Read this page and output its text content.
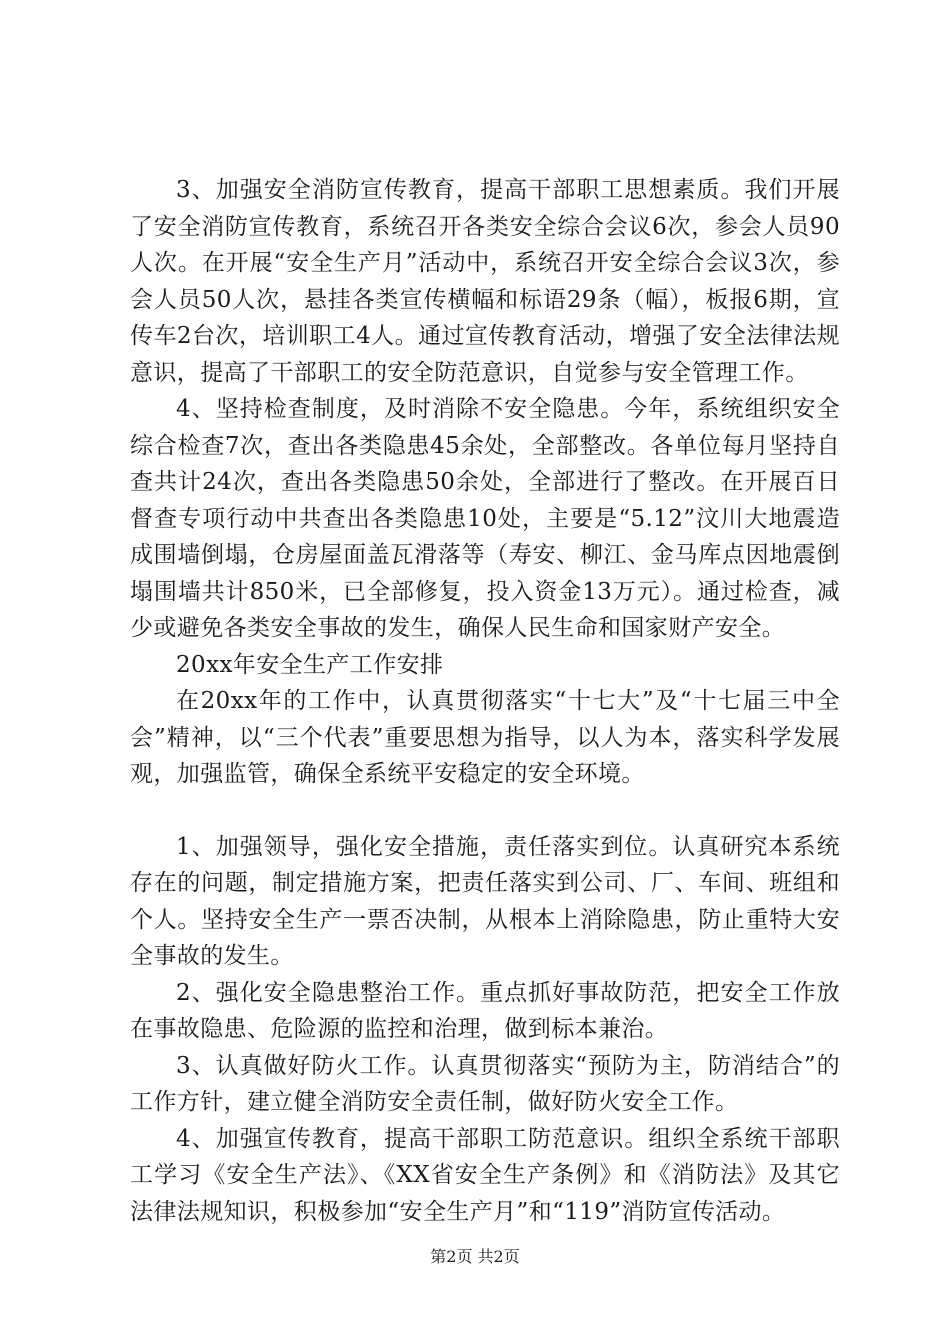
3、加强安全消防宣传教育，提高干部职工思想素质。我们开展了安全消防宣传教育，系统召开各类安全综合会议6次，参会人员90人次。在开展“安全生产月”活动中，系统召开安全综合会议3次，参会人员50人次，悬挂各类宣传横幅和标语29条（幅），板报6期，宣传车2台次，培训职工4人。通过宣传教育活动，增强了安全法律法规意识，提高了干部职工的安全防范意识，自觉参与安全管理工作。

4、坚持检查制度，及时消除不安全隐患。今年，系统组织安全综合检查7次，查出各类隐患45余处，全部整改。各单位每月坚持自查共计24次，查出各类隐患50余处，全部进行了整改。在开展百日督查专项行动中共查出各类隐患10处，主要是“5.12”汶川大地震造成围墙倒塌，仓房屋面盖瓦滑落等（寿安、柳江、金马库点因地震倒塌围墙共计850米，已全部修复，投入资金13万元）。通过检查，减少或避免各类安全事故的发生，确保人民生命和国家财产安全。

20xx年安全生产工作安排

在20xx年的工作中，认真贯彻落实“十七大”及“十七届三中全会”精神，以“三个代表”重要思想为指导，以人为本，落实科学发展观，加强监管，确保全系统平安稳定的安全环境。

1、加强领导，强化安全措施，责任落实到位。认真研究本系统存在的问题，制定措施方案，把责任落实到公司、厂、车间、班组和个人。坚持安全生产一票否决制，从根本上消除隐患，防止重特大安全事故的发生。

2、强化安全隐患整治工作。重点抓好事故防范，把安全工作放在事故隐患、危险源的监控和治理，做到标本兼治。

3、认真做好防火工作。认真贯彻落实“预防为主，防消结合”的工作方针，建立健全消防安全责任制，做好防火安全工作。

4、加强宣传教育，提高干部职工防范意识。组织全系统干部职工学习《安全生产法》、《XX省安全生产条例》和《消防法》及其它法律法规知识，积极参加“安全生产月”和“119”消防宣传活动。

第2页 共2页
